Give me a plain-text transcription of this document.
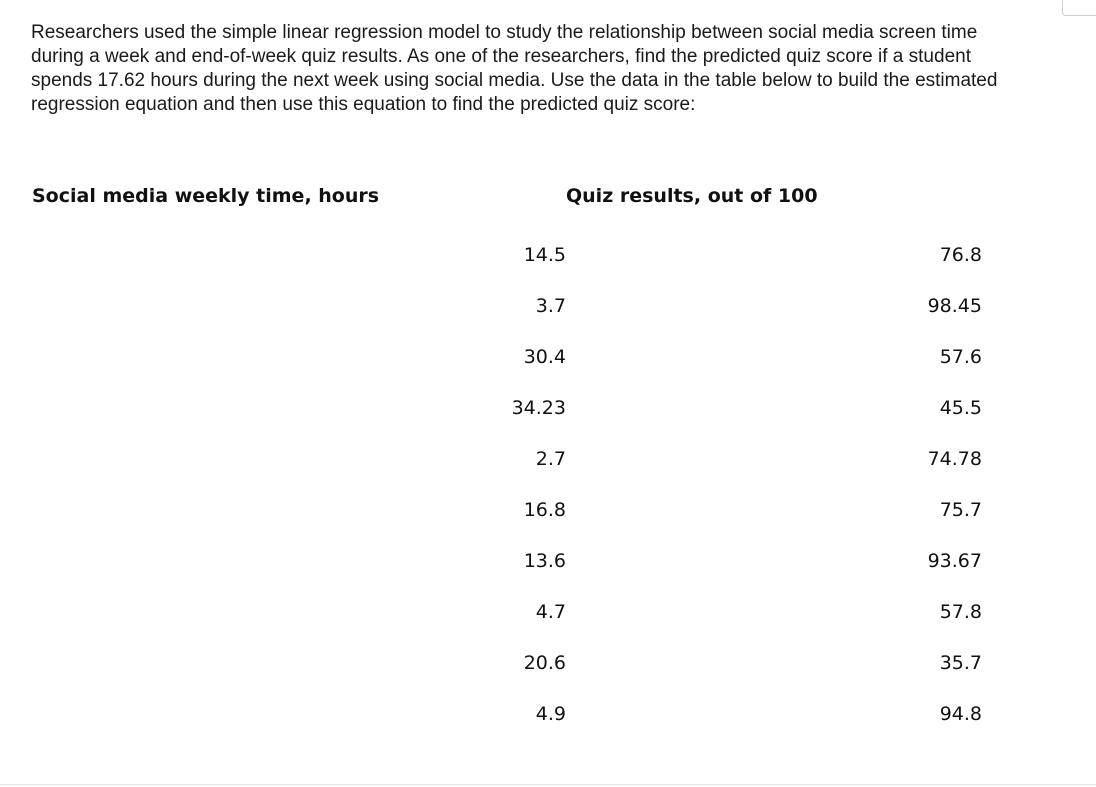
Researchers used the simple linear regression model to study the relationship between social media screen time during a week and end-of-week quiz results. As one of the researchers, find the predicted quiz score if a student spends 17.62 hours during the next week using social media. Use the data in the table below to build the estimated regression equation and then use this equation to find the predicted quiz score:

Social media weekly time, hours	Quiz results, out of 100
14.5	76.8
3.7	98.45
30.4	57.6
34.23	45.5
2.7	74.78
16.8	75.7
13.6	93.67
4.7	57.8
20.6	35.7
4.9	94.8
